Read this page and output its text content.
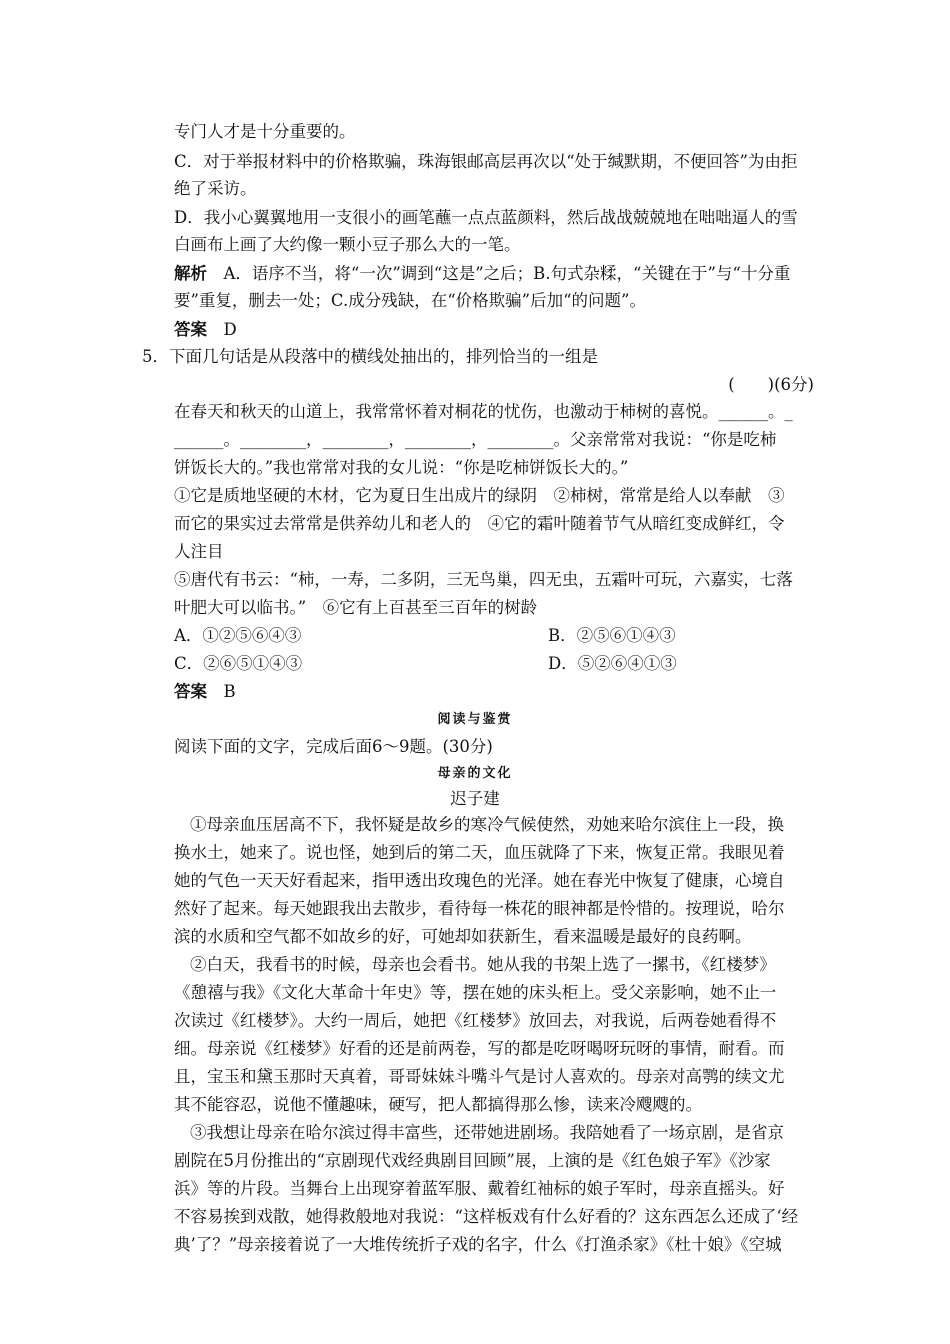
专门人才是十分重要的。
C．对于举报材料中的价格欺骗，珠海银邮高层再次以“处于缄默期，不便回答”为由拒
绝了采访。
D．我小心翼翼地用一支很小的画笔蘸一点点蓝颜料，然后战战兢兢地在咄咄逼人的雪
白画布上画了大约像一颗小豆子那么大的一笔。
解析　 A．语序不当，将“一次”调到“这是”之后；B.句式杂糅，“关键在于”与“十分重
要”重复，删去一处；C.成分残缺，在“价格欺骗”后加“的问题”。
答案　 D
5．下面几句话是从段落中的横线处抽出的，排列恰当的一组是
(　　)(6分)
在春天和秋天的山道上，我常常怀着对桐花的忧伤，也激动于柿树的喜悦。______。_
______。________，________，________，________。父亲常常对我说：“你是吃柿
饼饭长大的。”我也常常对我的女儿说：“你是吃柿饼饭长大的。”
①它是质地坚硬的木材，它为夏日生出成片的绿阴　②柿树，常常是给人以奉献　③
而它的果实过去常常是供养幼儿和老人的　④它的霜叶随着节气从暗红变成鲜红，令
人注目
⑤唐代有书云：“柿，一寿，二多阴，三无鸟巢，四无虫，五霜叶可玩，六嘉实，七落
叶肥大可以临书。”　⑥它有上百甚至三百年的树龄
A．①②⑤⑥④③	B．②⑤⑥①④③
C．②⑥⑤①④③	D．⑤②⑥④①③
答案　 B
阅读与鉴赏
阅读下面的文字，完成后面6～9题。(30分)
母亲的文化
迟子建
①母亲血压居高不下，我怀疑是故乡的寒冷气候使然，劝她来哈尔滨住上一段，换
换水土，她来了。说也怪，她到后的第二天，血压就降了下来，恢复正常。我眼见着
她的气色一天天好看起来，指甲透出玫瑰色的光泽。她在春光中恢复了健康，心境自
然好了起来。每天她跟我出去散步，看待每一株花的眼神都是怜惜的。按理说，哈尔
滨的水质和空气都不如故乡的好，可她却如获新生，看来温暖是最好的良药啊。
②白天，我看书的时候，母亲也会看书。她从我的书架上选了一摞书，《红楼梦》
《憩禧与我》《文化大革命十年史》等，摆在她的床头柜上。受父亲影响，她不止一
次读过《红楼梦》。大约一周后，她把《红楼梦》放回去，对我说，后两卷她看得不
细。母亲说《红楼梦》好看的还是前两卷，写的都是吃呀喝呀玩呀的事情，耐看。而
且，宝玉和黛玉那时天真着，哥哥妹妹斗嘴斗气是讨人喜欢的。母亲对高鹗的续文尤
其不能容忍，说他不懂趣味，硬写，把人都搞得那么惨，读来冷飕飕的。
③我想让母亲在哈尔滨过得丰富些，还带她进剧场。我陪她看了一场京剧，是省京
剧院在5月份推出的“京剧现代戏经典剧目回顾”展，上演的是《红色娘子军》《沙家
浜》等的片段。当舞台上出现穿着蓝军服、戴着红袖标的娘子军时，母亲直摇头。好
不容易挨到戏散，她得救般地对我说：“这样板戏有什么好看的？这东西怎么还成了‘经
典’了？”母亲接着说了一大堆传统折子戏的名字，什么《打渔杀家》《杜十娘》《空城
